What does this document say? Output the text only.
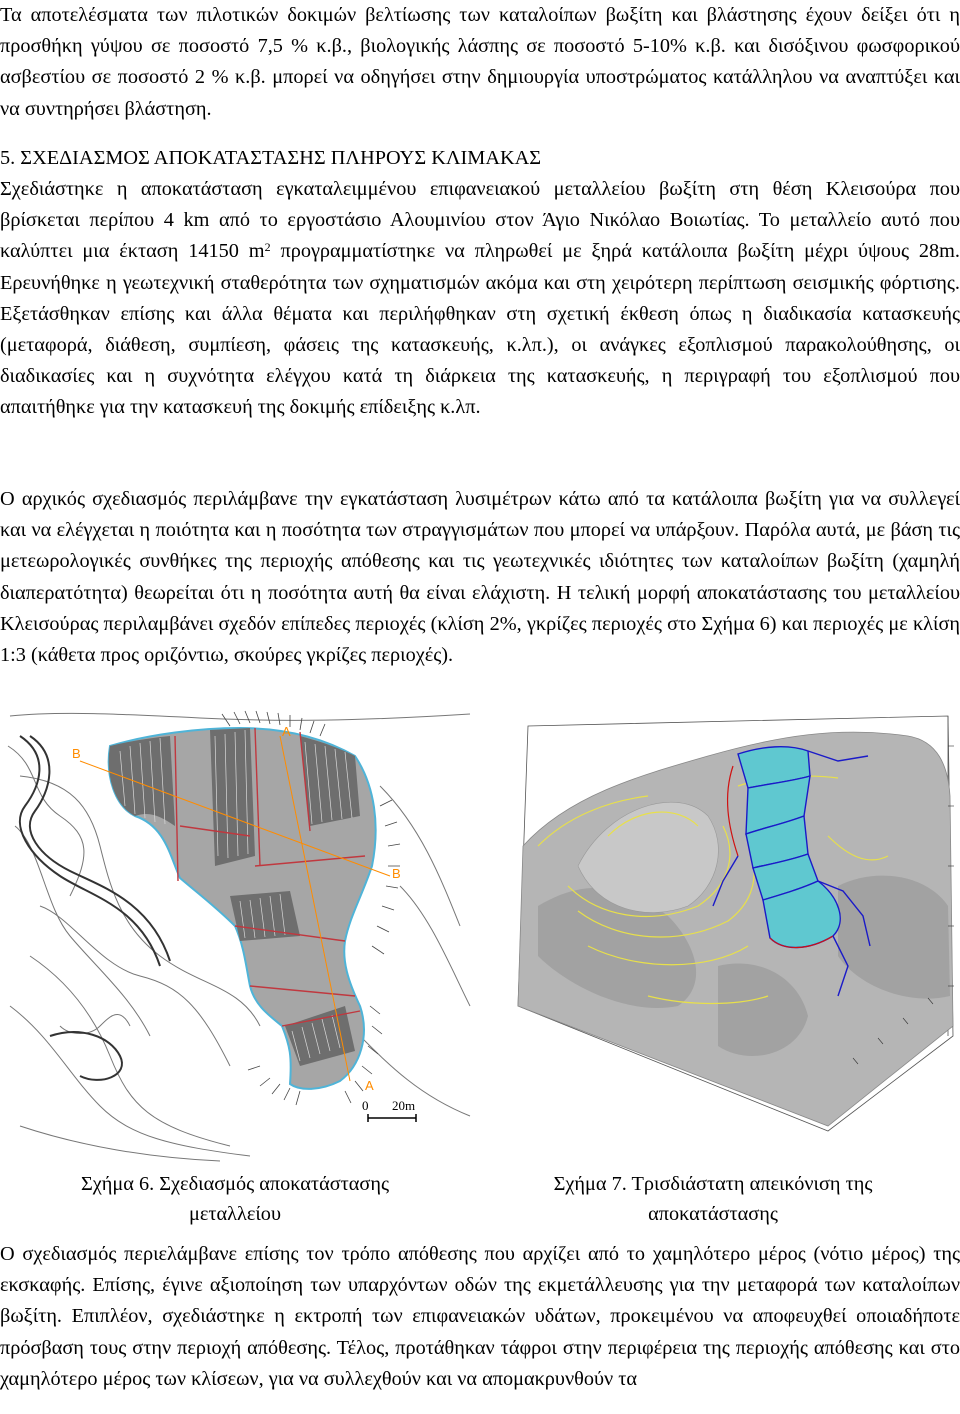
Τα αποτελέσματα των πιλοτικών δοκιμών βελτίωσης των καταλοίπων βωξίτη και βλάστησης έχουν δείξει ότι η προσθήκη γύψου σε ποσοστό 7,5 % κ.β., βιολογικής λάσπης σε ποσοστό 5-10% κ.β. και δισόξινου φωσφορικού ασβεστίου σε ποσοστό 2 % κ.β. μπορεί να οδηγήσει στην δημιουργία υποστρώματος κατάλληλου να αναπτύξει και να συντηρήσει βλάστηση.

5. ΣΧΕΔΙΑΣΜΟΣ ΑΠΟΚΑΤΑΣΤΑΣΗΣ ΠΛΗΡΟΥΣ ΚΛΙΜΑΚΑΣ

Σχεδιάστηκε η αποκατάσταση εγκαταλειμμένου επιφανειακού μεταλλείου βωξίτη στη θέση Κλεισούρα που βρίσκεται περίπου 4 km από το εργοστάσιο Αλουμινίου στον Άγιο Νικόλαο Βοιωτίας. Το μεταλλείο αυτό που καλύπτει μια έκταση 14150 $m^2$ προγραμματίστηκε να πληρωθεί με ξηρά κατάλοιπα βωξίτη μέχρι ύψους 28m. Ερευνήθηκε η γεωτεχνική σταθερότητα των σχηματισμών ακόμα και στη χειρότερη περίπτωση σεισμικής φόρτισης. Εξετάσθηκαν επίσης και άλλα θέματα και περιλήφθηκαν στη σχετική έκθεση όπως η διαδικασία κατασκευής (μεταφορά, διάθεση, συμπίεση, φάσεις της κατασκευής, κ.λπ.), οι ανάγκες εξοπλισμού παρακολούθησης, οι διαδικασίες και η συχνότητα ελέγχου κατά τη διάρκεια της κατασκευής, η περιγραφή του εξοπλισμού που απαιτήθηκε για την κατασκευή της δοκιμής επίδειξης κ.λπ.

Ο αρχικός σχεδιασμός περιλάμβανε την εγκατάσταση λυσιμέτρων κάτω από τα κατάλοιπα βωξίτη για να συλλεγεί και να ελέγχεται η ποιότητα και η ποσότητα των στραγγισμάτων που μπορεί να υπάρξουν. Παρόλα αυτά, με βάση τις μετεωρολογικές συνθήκες της περιοχής απόθεσης και τις γεωτεχνικές ιδιότητες των καταλοίπων βωξίτη (χαμηλή διαπερατότητα) θεωρείται ότι η ποσότητα αυτή θα είναι ελάχιστη. Η τελική μορφή αποκατάστασης του μεταλλείου Κλεισούρας περιλαμβάνει σχεδόν επίπεδες περιοχές (κλίση 2%, γκρίζες περιοχές στο Σχήμα 6) και περιοχές με κλίση 1:3 (κάθετα προς οριζόντιω, σκούρες γκρίζες περιοχές).

B
A
B
A
0 20m

Σχήμα 6. Σχεδιασμός αποκατάστασης
μεταλλείου

Σχήμα 7. Τρισδιάστατη απεικόνιση της
αποκατάστασης

Ο σχεδιασμός περιελάμβανε επίσης τον τρόπο απόθεσης που αρχίζει από το χαμηλότερο μέρος (νότιο μέρος) της εκσκαφής. Επίσης, έγινε αξιοποίηση των υπαρχόντων οδών της εκμετάλλευσης για την μεταφορά των καταλοίπων βωξίτη. Επιπλέον, σχεδιάστηκε η εκτροπή των επιφανειακών υδάτων, προκειμένου να αποφευχθεί οποιαδήποτε πρόσβαση τους στην περιοχή απόθεσης. Τέλος, προτάθηκαν τάφροι στην περιφέρεια της περιοχής απόθεσης και στο χαμηλότερο μέρος των κλίσεων, για να συλλεχθούν και να απομακρυνθούν τα
